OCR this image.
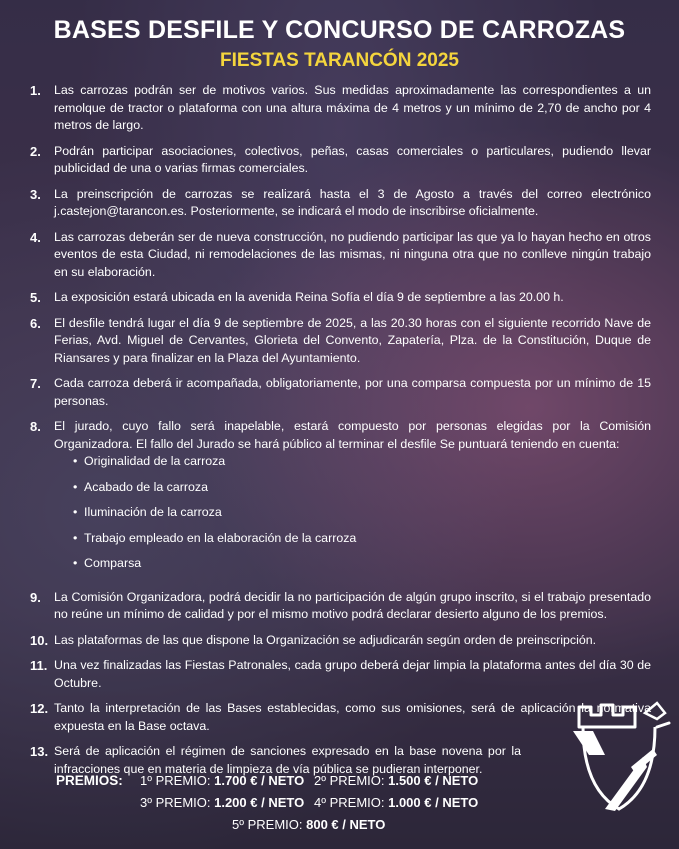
BASES DESFILE Y CONCURSO DE CARROZAS
FIESTAS TARANCÓN 2025
1.	Las carrozas podrán ser de motivos varios. Sus medidas aproximadamente las correspondientes a un remolque de tractor o plataforma con una altura máxima de 4 metros y un mínimo de 2,70 de ancho por 4 metros de largo.
2.	Podrán participar asociaciones, colectivos, peñas, casas comerciales o particulares, pudiendo llevar publicidad de una o varias firmas comerciales.
3.	La preinscripción de carrozas se realizará hasta el 3 de Agosto a través del correo electrónico j.castejon@tarancon.es. Posteriormente, se indicará el modo de inscribirse oficialmente.
4.	Las carrozas deberán ser de nueva construcción, no pudiendo participar las que ya lo hayan hecho en otros eventos de esta Ciudad, ni remodelaciones de las mismas, ni ninguna otra que no conlleve ningún trabajo en su elaboración.
5.	La exposición estará ubicada en la avenida Reina Sofía el día 9 de septiembre a las 20.00 h.
6.	El desfile tendrá lugar el día 9 de septiembre de 2025, a las 20.30 horas con el siguiente recorrido Nave de Ferias, Avd. Miguel de Cervantes, Glorieta del Convento, Zapatería, Plza. de la Constitución, Duque de Riansares y para finalizar en la Plaza del Ayuntamiento.
7.	Cada carroza deberá ir acompañada, obligatoriamente, por una comparsa compuesta por un mínimo de 15 personas.
8.	El jurado, cuyo fallo será inapelable, estará compuesto por personas elegidas por la Comisión Organizadora. El fallo del Jurado se hará público al terminar el desfile Se puntuará teniendo en cuenta:
• Originalidad de la carroza
• Acabado de la carroza
• Iluminación de la carroza
• Trabajo empleado en la elaboración de la carroza
• Comparsa
9.	La Comisión Organizadora, podrá decidir la no participación de algún grupo inscrito, si el trabajo presentado no reúne un mínimo de calidad y por el mismo motivo podrá declarar desierto alguno de los premios.
10. Las plataformas de las que dispone la Organización se adjudicarán según orden de preinscripción.
11. Una vez finalizadas las Fiestas Patronales, cada grupo deberá dejar limpia la plataforma antes del día 30 de Octubre.
12. Tanto la interpretación de las Bases establecidas, como sus omisiones, será de aplicación la normativa expuesta en la Base octava.
13. Será de aplicación el régimen de sanciones expresado en la base novena por la infracciones que en materia de limpieza de vía pública se pudieran interponer.
PREMIOS: 1º PREMIO: 1.700 € / NETO 2º PREMIO: 1.500 € / NETO
3º PREMIO: 1.200 € / NETO 4º PREMIO: 1.000 € / NETO
5º PREMIO: 800 € / NETO
